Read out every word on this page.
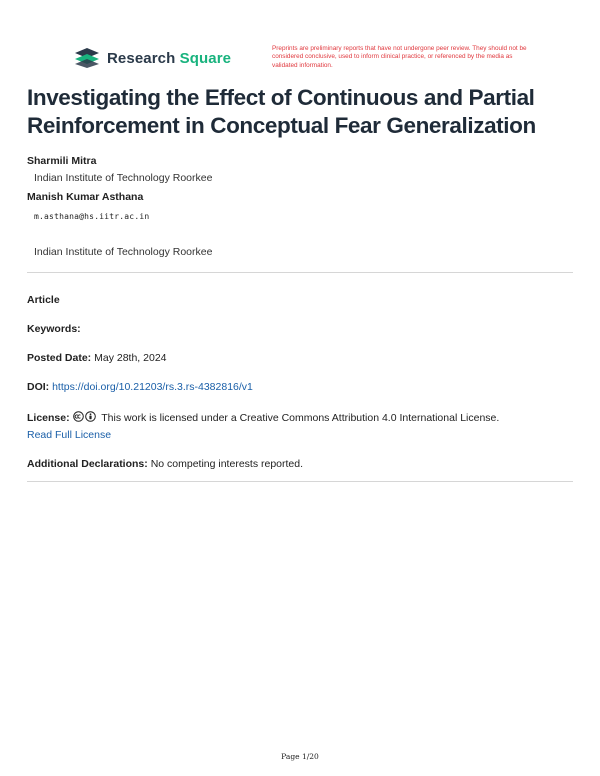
Research Square
Preprints are preliminary reports that have not undergone peer review. They should not be considered conclusive, used to inform clinical practice, or referenced by the media as validated information.
Investigating the Effect of Continuous and Partial Reinforcement in Conceptual Fear Generalization
Sharmili Mitra
Indian Institute of Technology Roorkee
Manish Kumar Asthana
m.asthana@hs.iitr.ac.in
Indian Institute of Technology Roorkee
Article
Keywords:
Posted Date: May 28th, 2024
DOI: https://doi.org/10.21203/rs.3.rs-4382816/v1
License:	This work is licensed under a Creative Commons Attribution 4.0 International License.
Read Full License
Additional Declarations: No competing interests reported.
Page 1/20
